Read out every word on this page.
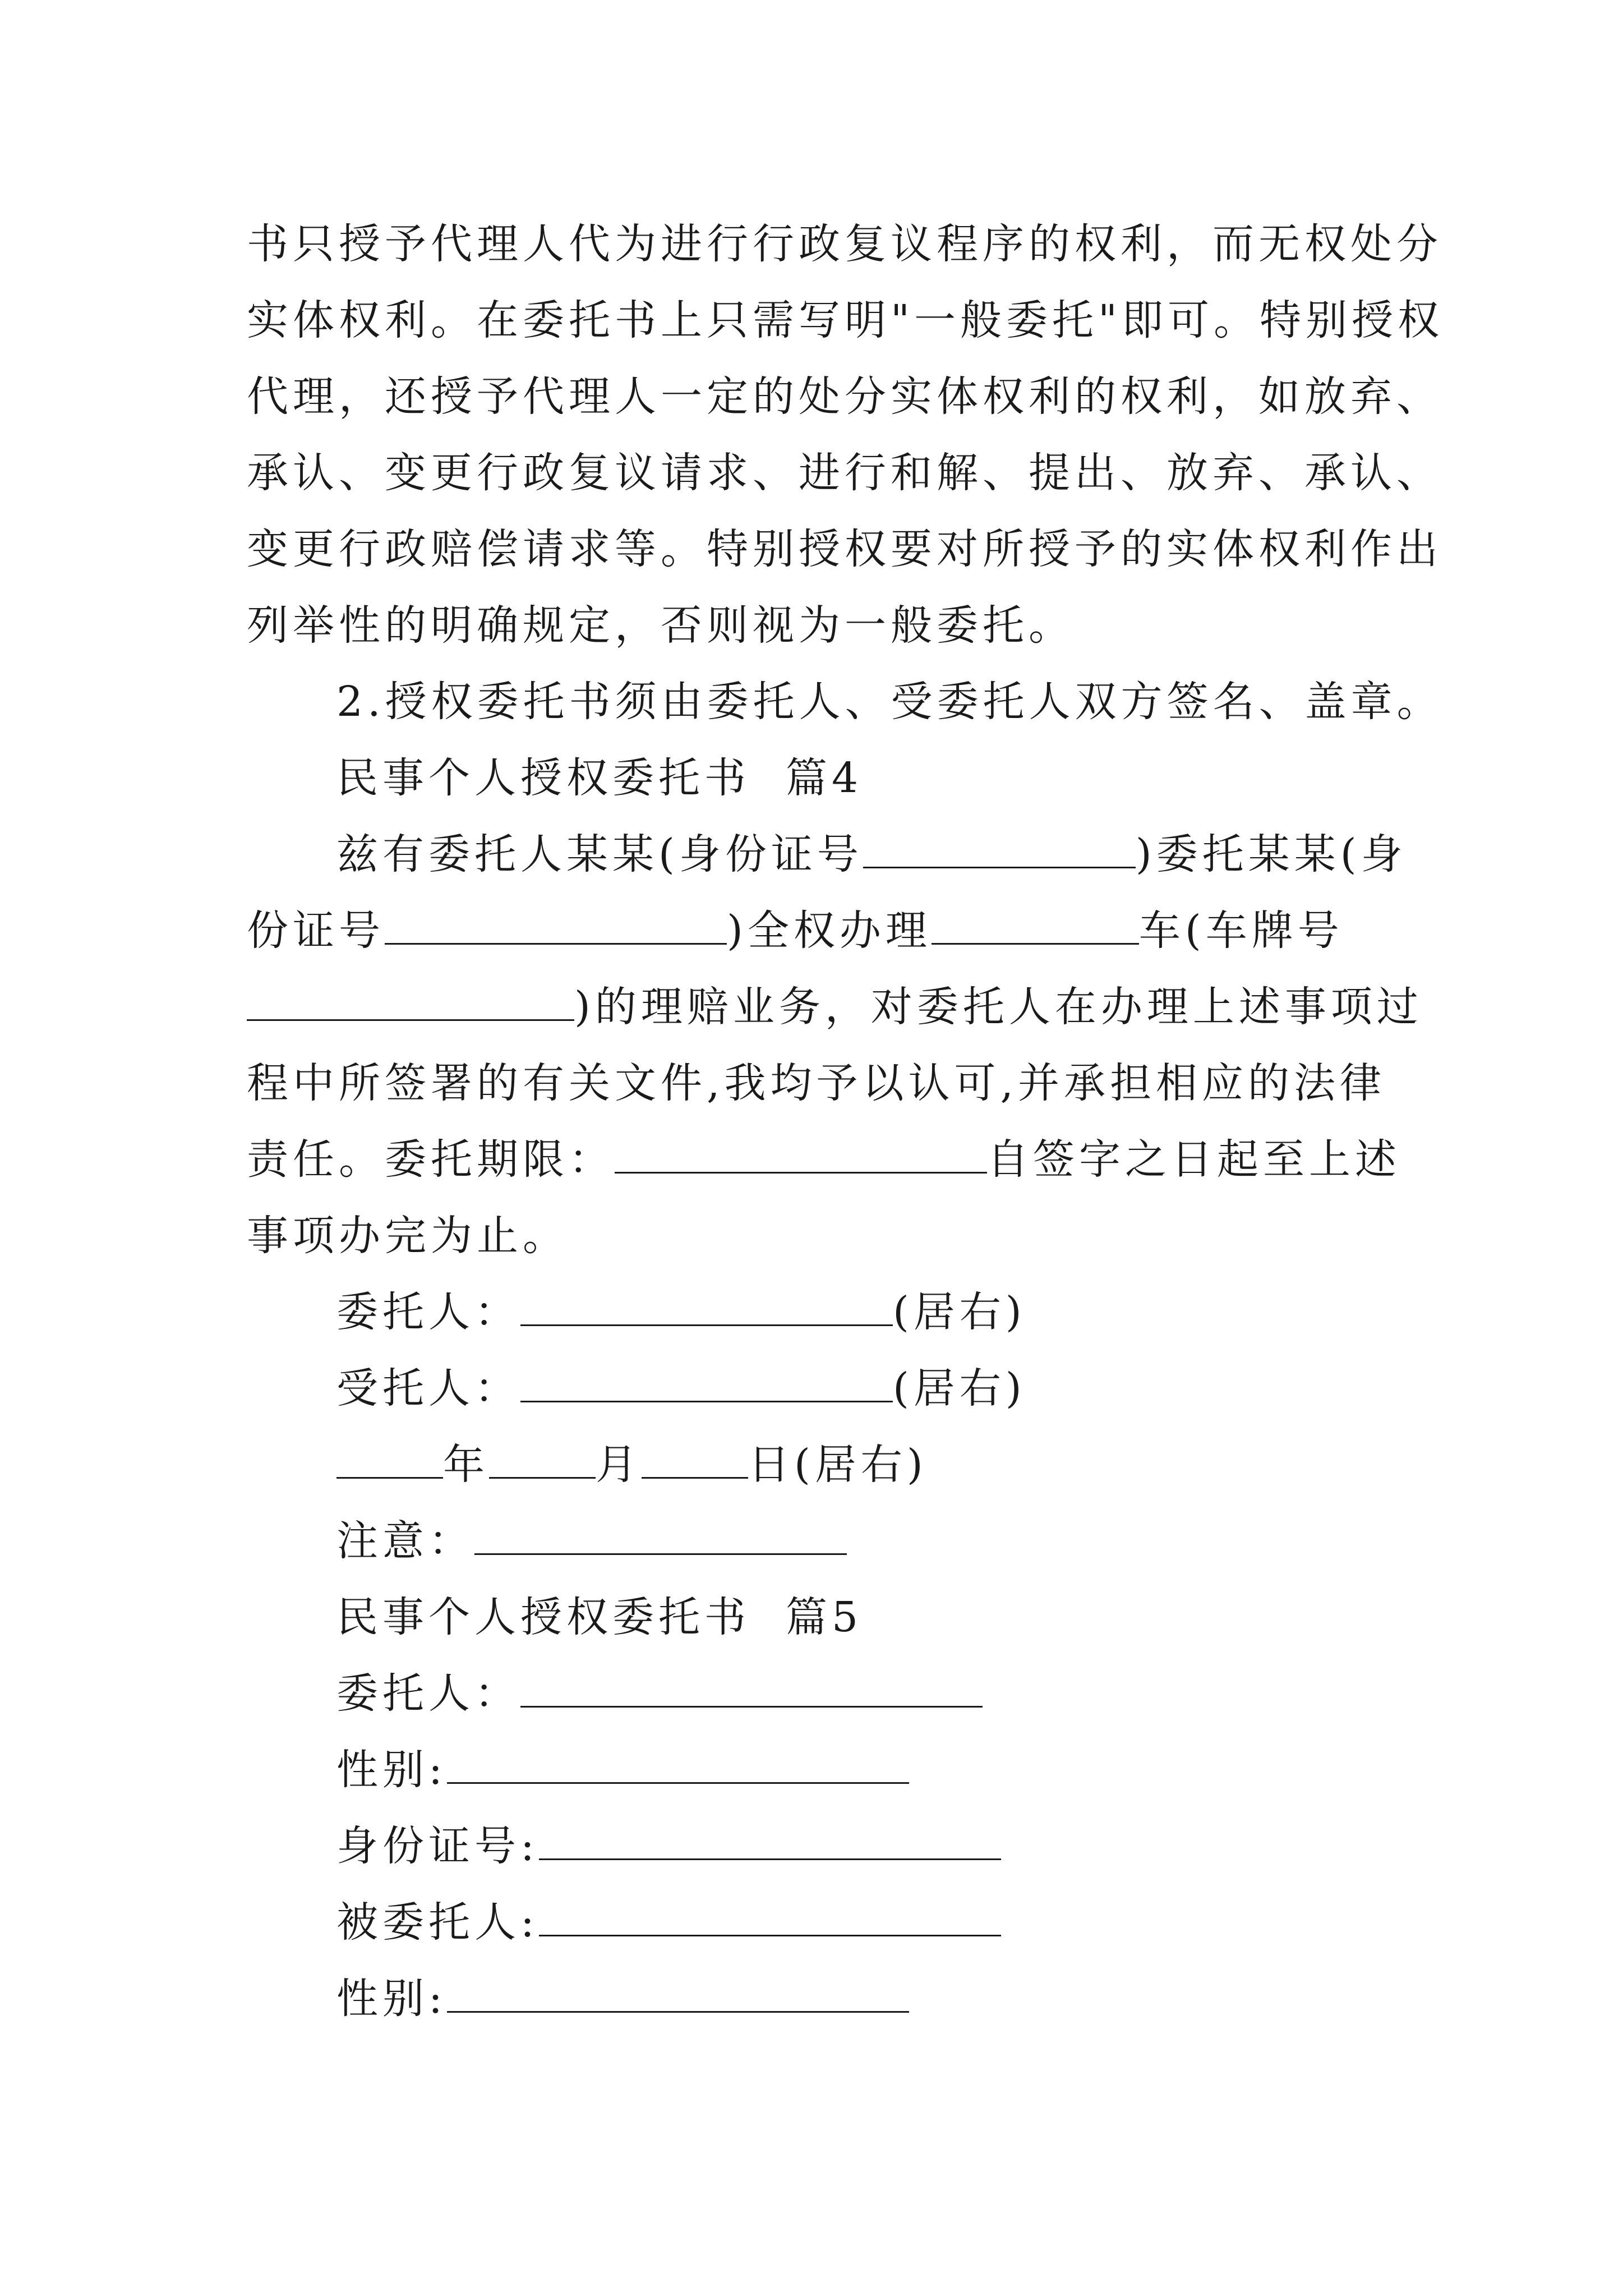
书只授予代理人代为进行行政复议程序的权利，而无权处分
实体权利。在委托书上只需写明"一般委托"即可。特别授权
代理，还授予代理人一定的处分实体权利的权利，如放弃、
承认、变更行政复议请求、进行和解、提出、放弃、承认、
变更行政赔偿请求等。特别授权要对所授予的实体权利作出
列举性的明确规定，否则视为一般委托。
2.授权委托书须由委托人、受委托人双方签名、盖章。
民事个人授权委托书  篇4
兹有委托人某某(身份证号	)委托某某(身
份证号	)全权办理	车(车牌号
)的理赔业务，对委托人在办理上述事项过
程中所签署的有关文件,我均予以认可,并承担相应的法律
责任。委托期限：	自签字之日起至上述
事项办完为止。
委托人：	(居右)
受托人：	(居右)
年	月	日(居右)
注意：
民事个人授权委托书  篇5
委托人：
性别:
身份证号:
被委托人:
性别:
